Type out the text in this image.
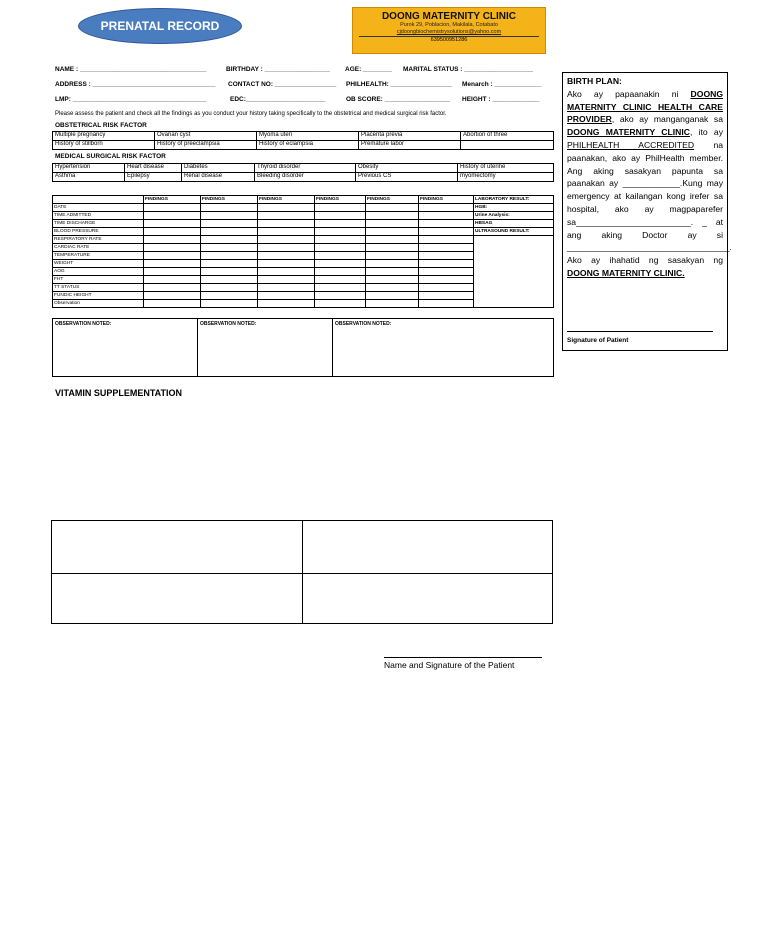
PRENATAL RECORD
DOONG MATERNITY CLINIC
Purok 29, Poblacion, Makilala, Cotabato
cjdoongbiochemistrysolutions@yahoo.com
639500951286
NAME : ___________________________________	BIRTHDAY : __________________ AGE: ________ MARITAL STATUS : ___________________
ADDRESS : __________________________________ CONTACT NO: _________________ PHILHEALTH: _________________ Menarch : _____________
LMP: _____________________________________	EDC:______________________	OB SCORE: __________________ HEIGHT : _____________
Please assess the patient and check all the findings as you conduct your history taking specifically to the obstetrical and medical surgical risk factor.
OBSTETRICAL RISK FACTOR
Multiple pregnancy	Ovarian cyst	Myoma uteri	Placenta previa	Abortion of three
History of stillborn	History of preeclampsia	History of eclampsia	Premature labor	
MEDICAL SURGICAL RISK FACTOR
Hypertension	Heart disease	Diabetes	Thyroid disorder	Obesity	History of uterine
Asthma	Epilepsy	Renal disease	Bleeding disorder	Previous CS	myomectomy
	FINDINGS	FINDINGS	FINDINGS	FINDINGS	FINDINGS	FINDINGS	LABORATORY RESULT:
DATE							HGB:
TIME ADMITTED							Urine Analysis:
TIME DISCHARGE							HBSAG
BLOOD PRESSURE							ULTRASOUND RESULT:
RESPIRATORY RATE							
CARDIAC RATE							
TEMPERATURE							
WEIGHT							
AOG							
FHT							
TT STATUS							
FUNDIC HEIGHT							
Observation							
OBSERVATION NOTED:	OBSERVATION NOTED:	OBSERVATION NOTED:
BIRTH PLAN:
Ako ay papaanakin ni DOONG MATERNITY CLINIC HEALTH CARE PROVIDER, ako ay manganganak sa DOONG MATERNITY CLINIC, ito ay PHILHEALTH ACCREDITED na paanakan, ako ay PhilHealth member. Ang aking sasakyan papunta sa paanakan ay ____________.Kung may emergency at kailangan kong irefer sa hospital, ako ay magpaparefer sa________________________. _ at ang aking Doctor ay si __________________________________. Ako ay ihahatid ng sasakyan ng DOONG MATERNITY CLINIC.
Signature of Patient
VITAMIN SUPPLEMENTATION
Name and Signature of the Patient
